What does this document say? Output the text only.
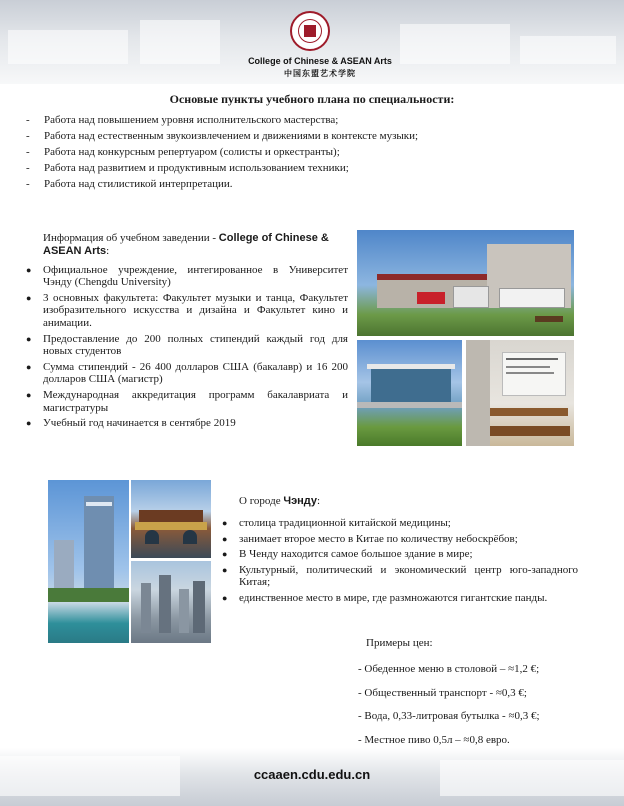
College of Chinese & ASEAN Arts
中国东盟艺术学院
Основые пункты учебного плана по специальности:
-	Работа над повышением уровня исполнительского мастерства;
-	Работа над естественным звукоизвлечением и движениями в контексте музыки;
-	Работа над конкурсным репертуаром (солисты и оркестранты);
-	Работа над развитием и продуктивным использованием техники;
-	Работа над стилистикой интерпретации.
Информация об учебном заведении - College of Chinese & ASEAN Arts:
●	Официальное учреждение, интегированное в Университет Чэнду (Chengdu University)
●	3 основных факультета: Факультет музыки и танца, Факультет изобразительного искусства и дизайна и Факультет кино и анимации.
●	Предоставление до 200 полных стипендий каждый год для новых студентов
●	Сумма стипендий - 26 400 долларов США (бакалавр) и 16 200 долларов США (магистр)
●	Международная аккредитация программ бакалавриата и магистратуры
●	Учебный год начинается в сентябре 2019
О городе Чэнду:
●	столица традиционной китайской медицины;
●	занимает второе место в Китае по количеству небоскрёбов;
●	В Ченду находится самое большое здание в мире;
●	Культурный, политический и экономический центр юго-западного Китая;
●	единственное место в мире, где размножаются гигантские панды.
Примеры цен:
- Обеденное меню в столовой – ≈1,2 €;
- Общественный транспорт - ≈0,3 €;
- Вода, 0,33-литровая бутылка - ≈0,3 €;
- Местное пиво 0,5л – ≈0,8 евро.
ccaaen.cdu.edu.cn
